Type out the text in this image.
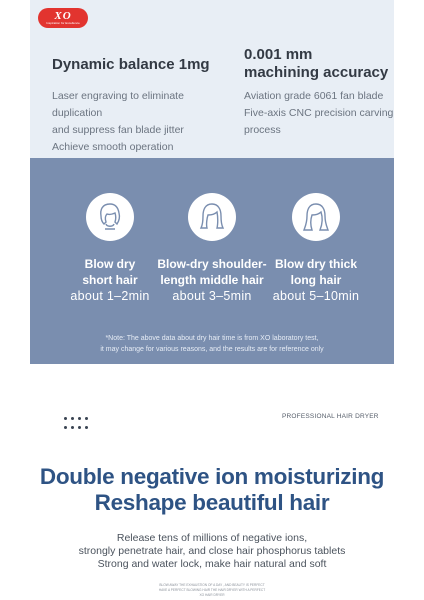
XO
Inspiration for Excellence
Dynamic balance 1mg
Laser engraving to eliminate duplication
and suppress fan blade jitter
Achieve smooth operation
0.001 mm
machining accuracy
Aviation grade 6061 fan blade
Five-axis CNC precision carving
process
Blow dry
short hair
Blow-dry shoulder-
length middle hair
Blow dry thick
long hair
about 1–2min	about 3–5min	about 5–10min
*Note: The above data about dry hair time is from XO laboratory test,
it may change for various reasons, and the results are for reference only
PROFESSIONAL HAIR DRYER
Double negative ion moisturizing
Reshape beautiful hair
Release tens of millions of negative ions,
strongly penetrate hair, and close hair phosphorus tablets
Strong and water lock, make hair natural and soft
BLOW AWAY THE EXHAUSTION OF A DAY , AND BEAUTY IS PERFECT
HAVE A PERFECT BLOWING HAIR THE HAIR DRYER WITH A PERFECT
XO HAIR DRYER
